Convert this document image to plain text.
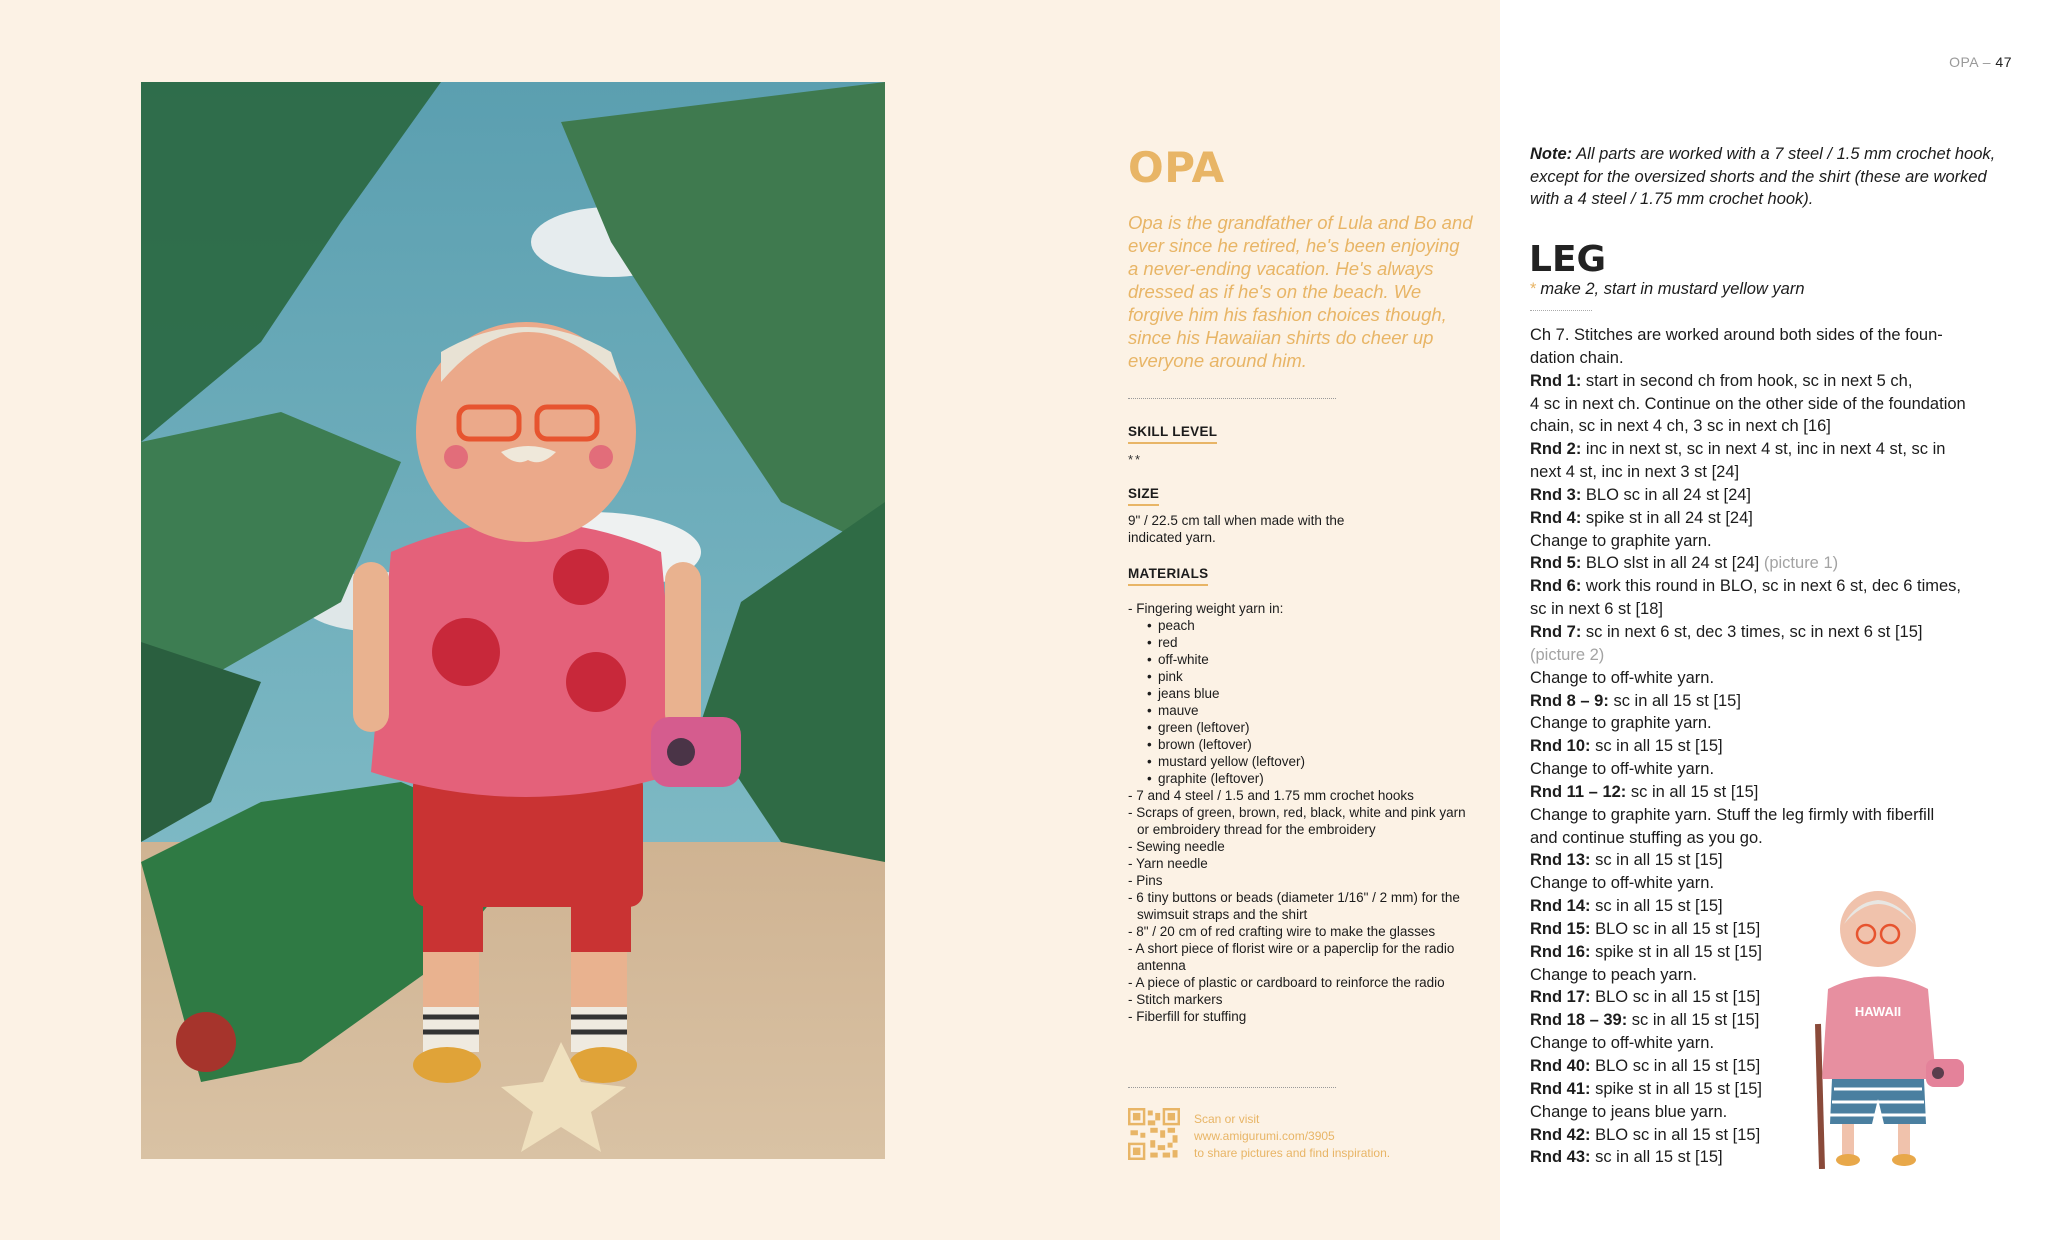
OPA

Opa is the grandfather of Lula and Bo and ever since he retired, he's been enjoying a never-ending vacation. He's always dressed as if he's on the beach. We forgive him his fashion choices though, since his Hawaiian shirts do cheer up everyone around him.

SKILL LEVEL
**
SIZE
9" / 22.5 cm tall when made with the indicated yarn.
MATERIALS
- Fingering weight yarn in:
• peach
• red
• off-white
• pink
• jeans blue
• mauve
• green (leftover)
• brown (leftover)
• mustard yellow (leftover)
• graphite (leftover)
- 7 and 4 steel / 1.5 and 1.75 mm crochet hooks
- Scraps of green, brown, red, black, white and pink yarn or embroidery thread for the embroidery
- Sewing needle
- Yarn needle
- Pins
- 6 tiny buttons or beads (diameter 1/16" / 2 mm) for the swimsuit straps and the shirt
- 8" / 20 cm of red crafting wire to make the glasses
- A short piece of florist wire or a paperclip for the radio antenna
- A piece of plastic or cardboard to reinforce the radio
- Stitch markers
- Fiberfill for stuffing
Scan or visit
www.amigurumi.com/3905
to share pictures and find inspiration.
OPA – 47

Note: All parts are worked with a 7 steel / 1.5 mm crochet hook, except for the oversized shorts and the shirt (these are worked with a 4 steel / 1.75 mm crochet hook).

LEG
* make 2, start in mustard yellow yarn
Ch 7. Stitches are worked around both sides of the foun-
dation chain.
Rnd 1: start in second ch from hook, sc in next 5 ch,
4 sc in next ch. Continue on the other side of the foundation
chain, sc in next 4 ch, 3 sc in next ch [16]
Rnd 2: inc in next st, sc in next 4 st, inc in next 4 st, sc in
next 4 st, inc in next 3 st [24]
Rnd 3: BLO sc in all 24 st [24]
Rnd 4: spike st in all 24 st [24]
Change to graphite yarn.
Rnd 5: BLO slst in all 24 st [24] (picture 1)
Rnd 6: work this round in BLO, sc in next 6 st, dec 6 times,
sc in next 6 st [18]
Rnd 7: sc in next 6 st, dec 3 times, sc in next 6 st [15]
(picture 2)
Change to off-white yarn.
Rnd 8 – 9: sc in all 15 st [15]
Change to graphite yarn.
Rnd 10: sc in all 15 st [15]
Change to off-white yarn.
Rnd 11 – 12: sc in all 15 st [15]
Change to graphite yarn. Stuff the leg firmly with fiberfill
and continue stuffing as you go.
Rnd 13: sc in all 15 st [15]
Change to off-white yarn.
Rnd 14: sc in all 15 st [15]
Rnd 15: BLO sc in all 15 st [15]
Rnd 16: spike st in all 15 st [15]
Change to peach yarn.
Rnd 17: BLO sc in all 15 st [15]
Rnd 18 – 39: sc in all 15 st [15]
Change to off-white yarn.
Rnd 40: BLO sc in all 15 st [15]
Rnd 41: spike st in all 15 st [15]
Change to jeans blue yarn.
Rnd 42: BLO sc in all 15 st [15]
Rnd 43: sc in all 15 st [15]
HAWAII
